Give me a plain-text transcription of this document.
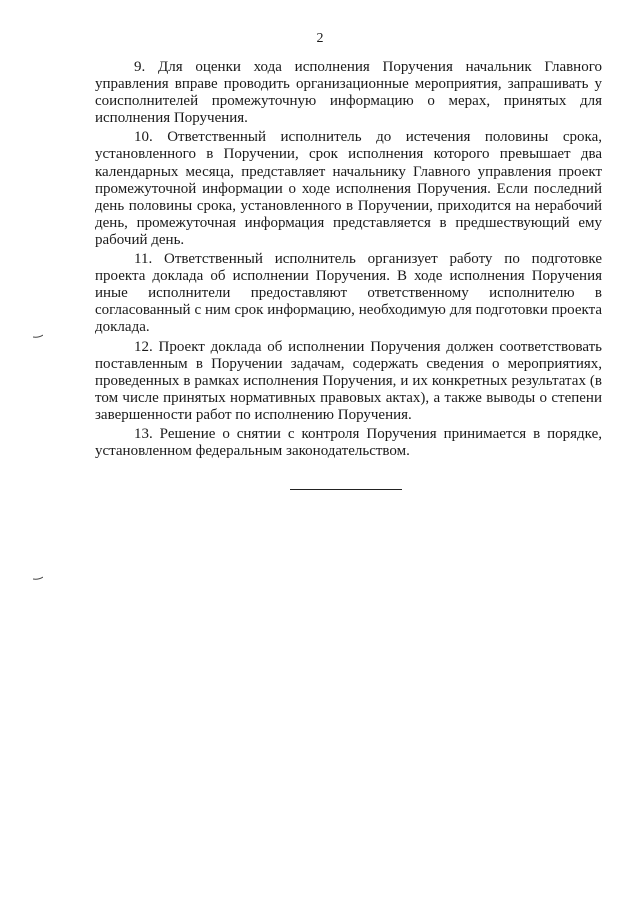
2

9. Для оценки хода исполнения Поручения начальник Главного управления вправе проводить организационные мероприятия, запрашивать у соисполнителей промежуточную информацию о мерах, принятых для исполнения Поручения.

10. Ответственный исполнитель до истечения половины срока, установленного в Поручении, срок исполнения которого превышает два календарных месяца, представляет начальнику Главного управления проект промежуточной информации о ходе исполнения Поручения. Если последний день половины срока, установленного в Поручении, приходится на нерабочий день, промежуточная информация представляется в предшествующий ему рабочий день.

11. Ответственный исполнитель организует работу по подготовке проекта доклада об исполнении Поручения. В ходе исполнения Поручения иные исполнители предоставляют ответственному исполнителю в согласованный с ним срок информацию, необходимую для подготовки проекта доклада.

12. Проект доклада об исполнении Поручения должен соответствовать поставленным в Поручении задачам, содержать сведения о мероприятиях, проведенных в рамках исполнения Поручения, и их конкретных результатах (в том числе принятых нормативных правовых актах), а также выводы о степени завершенности работ по исполнению Поручения.

13. Решение о снятии с контроля Поручения принимается в порядке, установленном федеральным законодательством.
